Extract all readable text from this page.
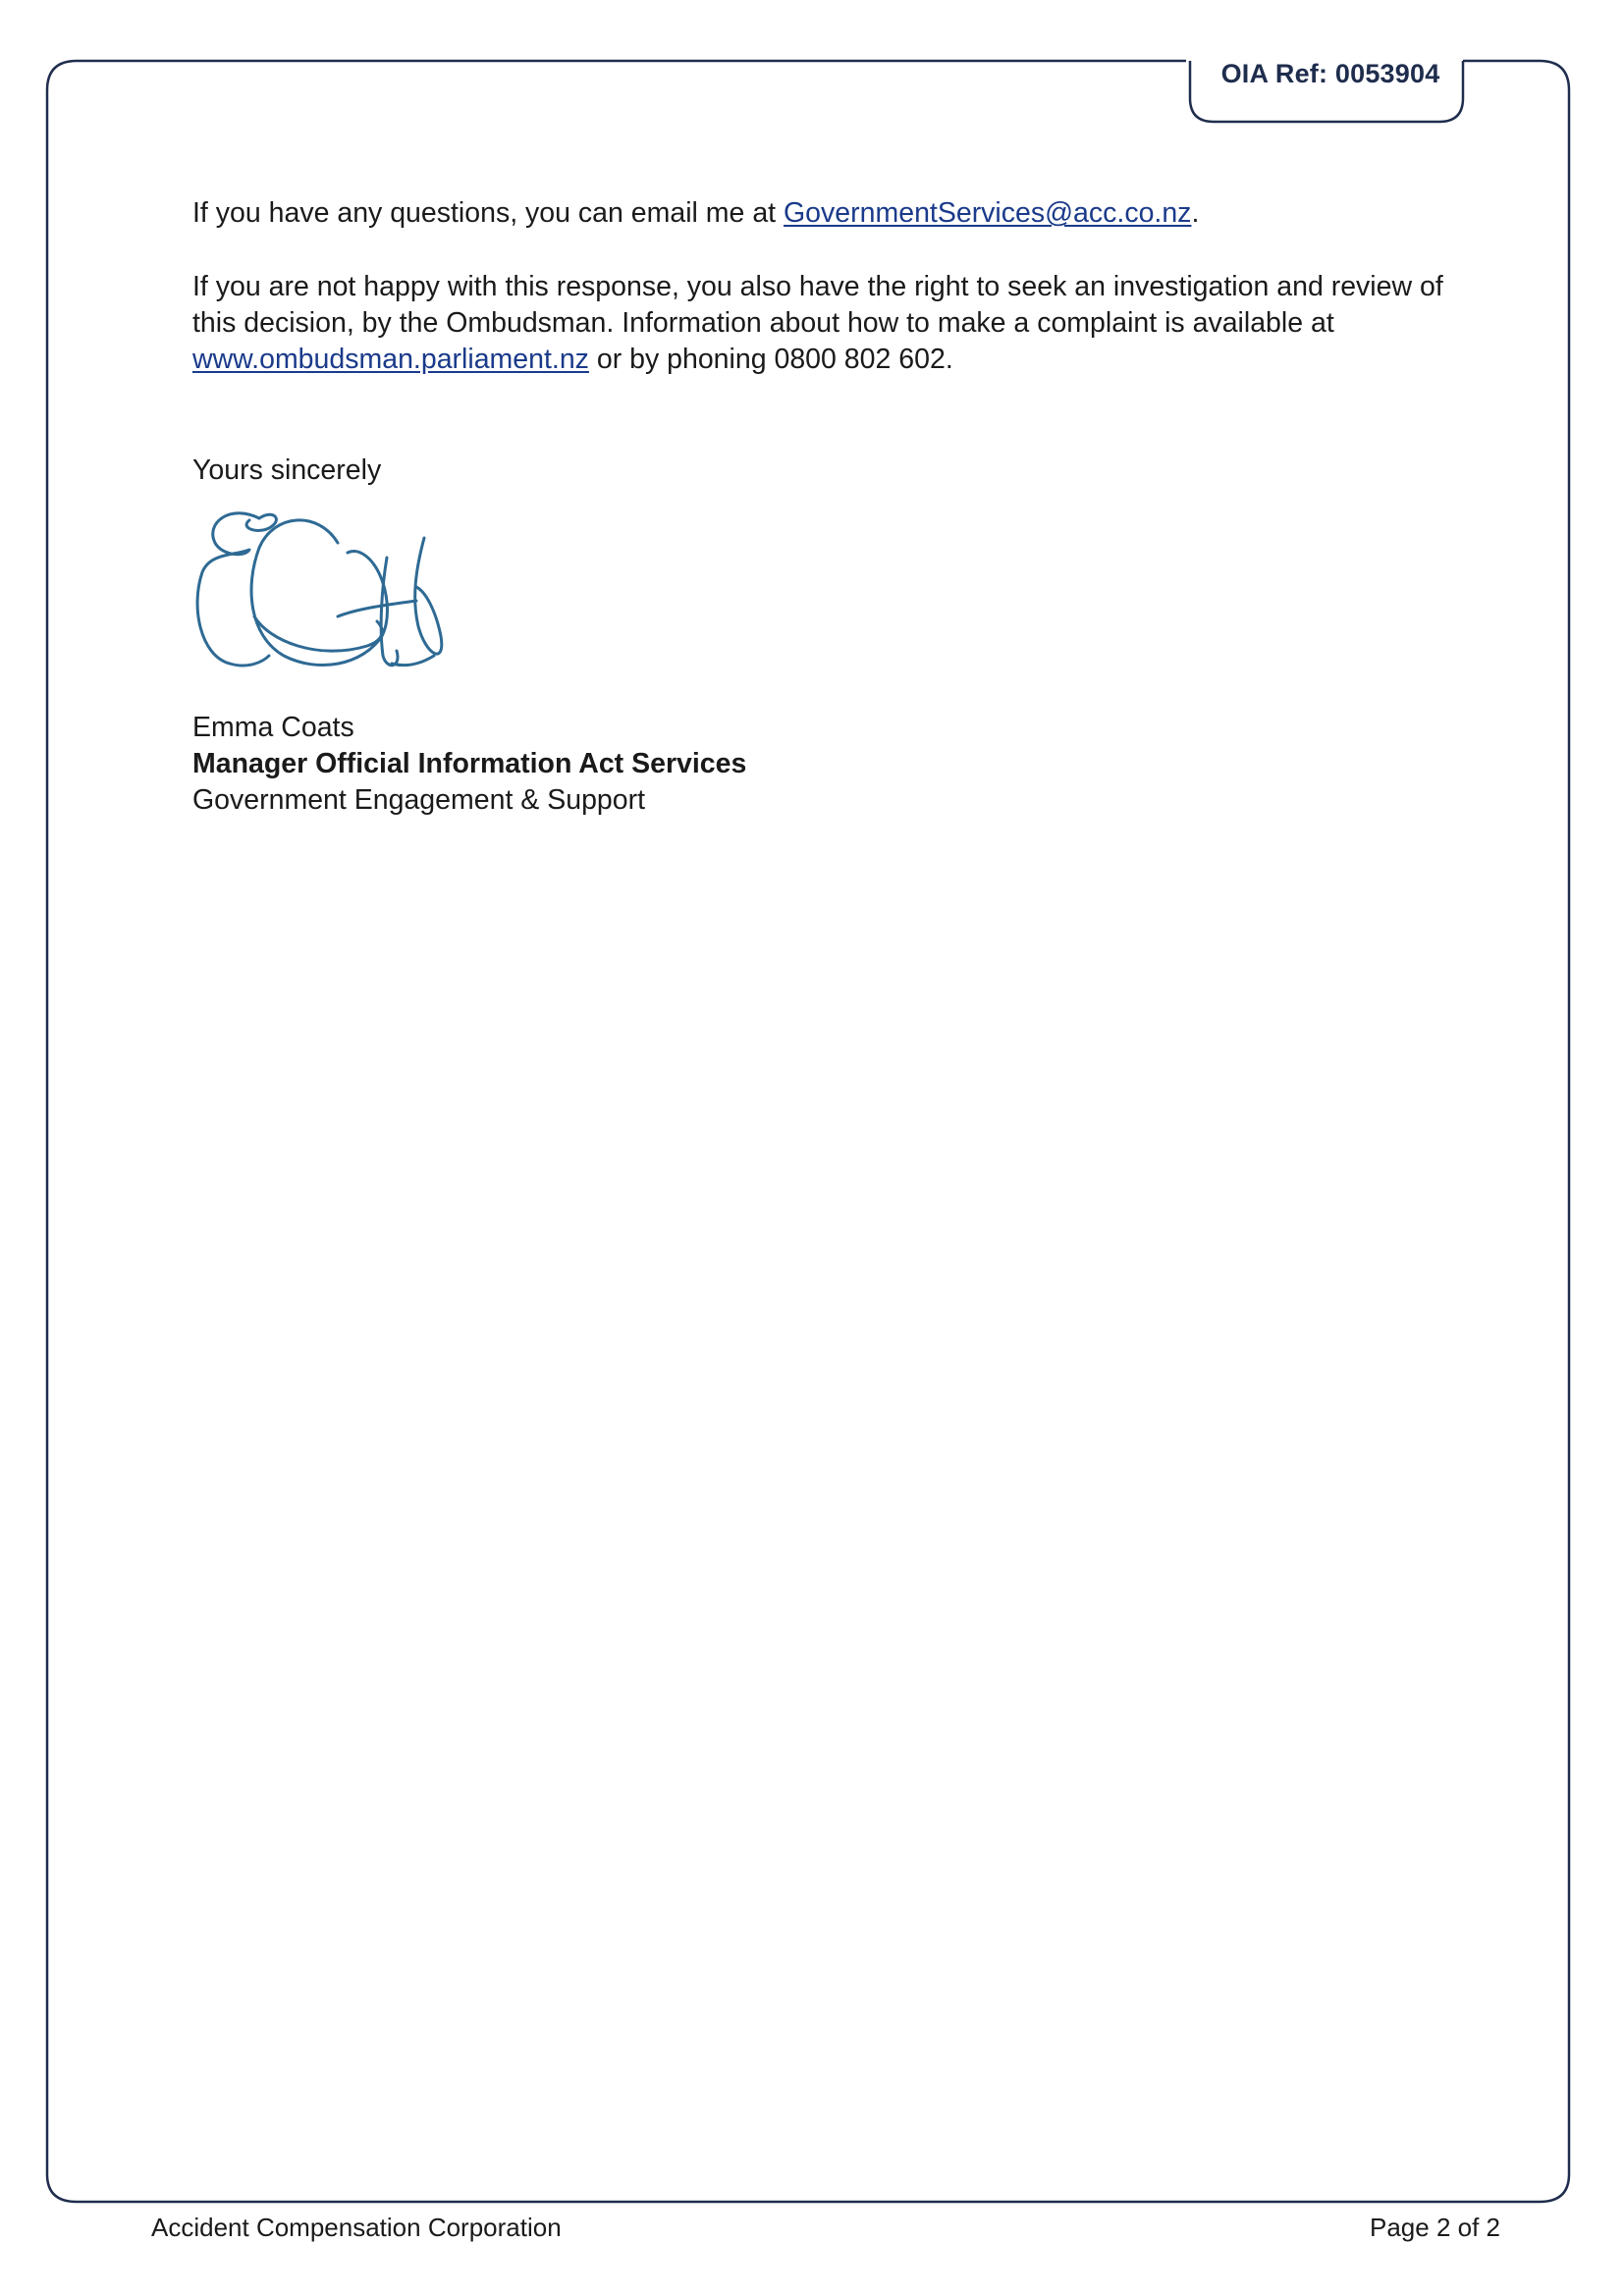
OIA Ref: 0053904
If you have any questions, you can email me at GovernmentServices@acc.co.nz.
If you are not happy with this response, you also have the right to seek an investigation and review of this decision, by the Ombudsman. Information about how to make a complaint is available at www.ombudsman.parliament.nz or by phoning 0800 802 602.
Yours sincerely
Emma Coats
Manager Official Information Act Services
Government Engagement & Support
Accident Compensation Corporation	Page 2 of 2
